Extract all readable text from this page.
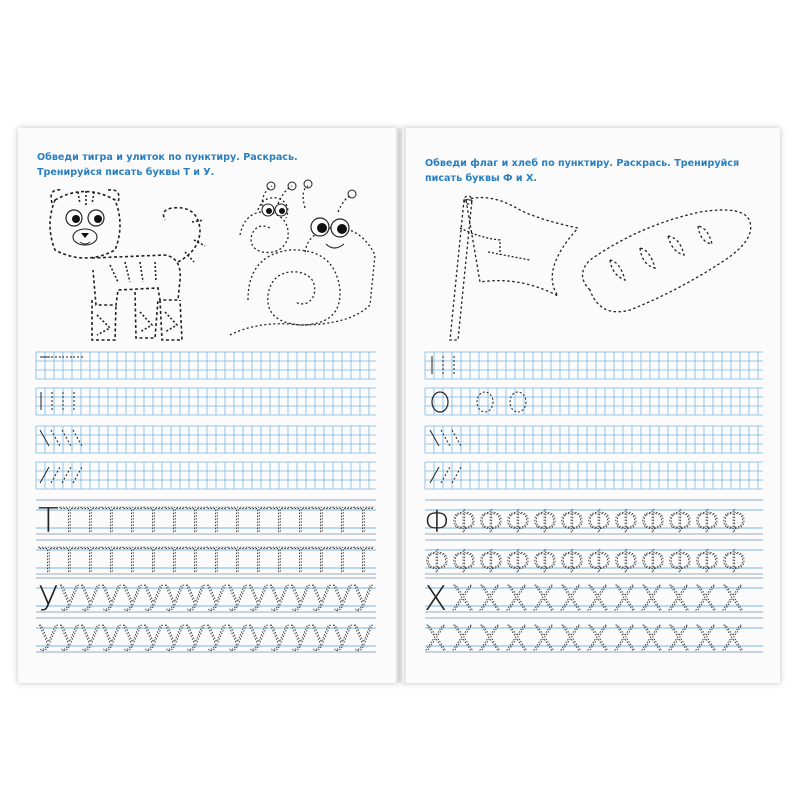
Обведи тигра и улиток по пунктиру. Раскрась.
Тренируйся писать буквы Т и У.

Обведи флаг и хлеб по пунктиру. Раскрась. Тренируйся
писать буквы Ф и Х.

Т Т Т Т Т Т Т Т Т Т Т Т Т Т Т Т
Т Т Т Т Т Т Т Т Т Т Т Т Т Т Т Т
У У У У У У У У У У У У У У У У
У У У У У У У У У У У У У У У У
Ф Ф Ф Ф Ф Ф Ф Ф Ф Ф Ф Ф
Ф Ф Ф Ф Ф Ф Ф Ф Ф Ф Ф Ф
Х Х Х Х Х Х Х Х Х Х Х Х
Х Х Х Х Х Х Х Х Х Х Х Х
